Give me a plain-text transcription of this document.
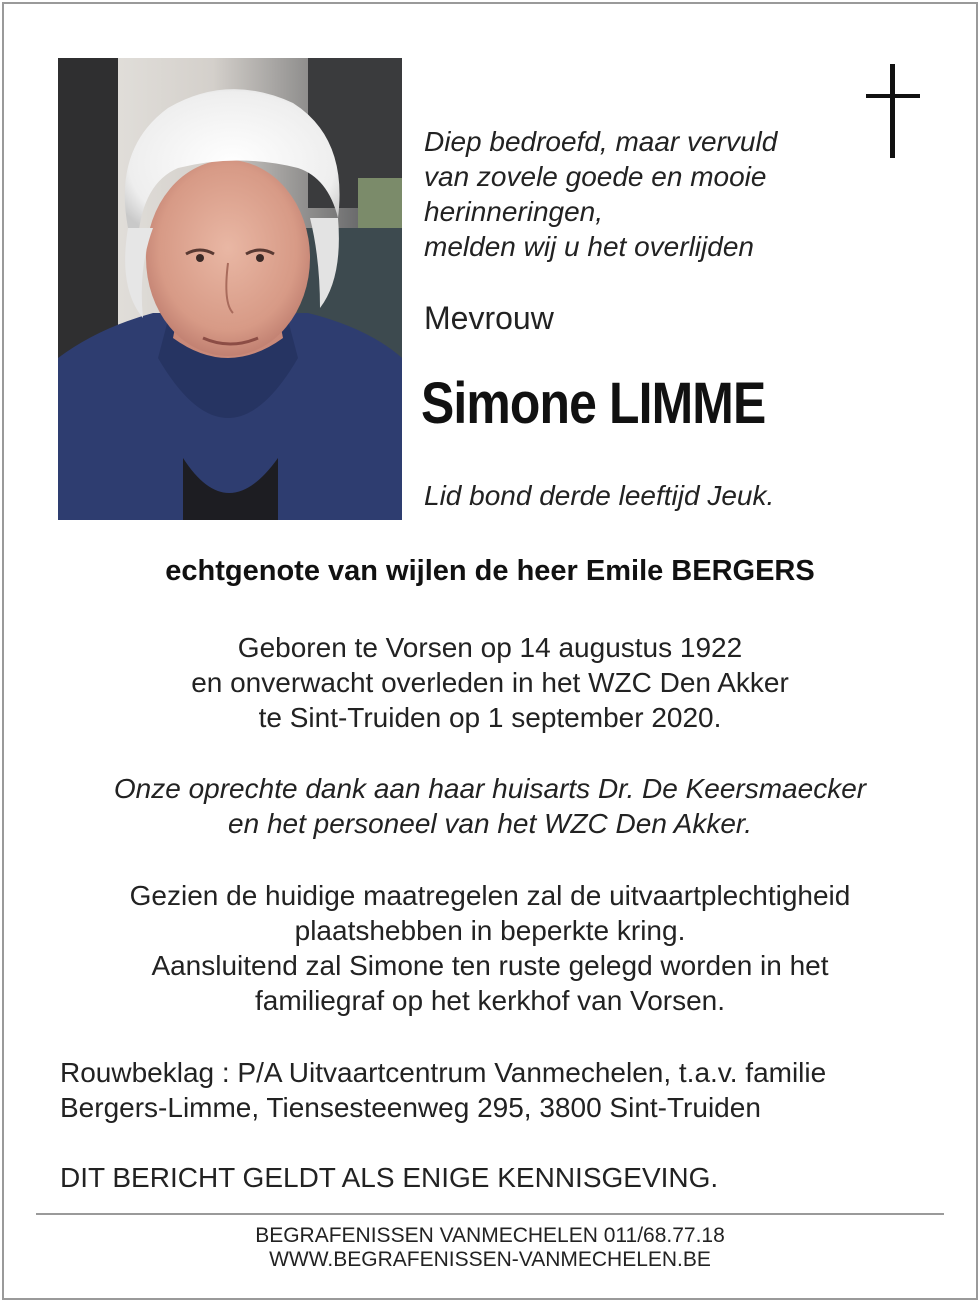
Diep bedroefd, maar vervuld
van zovele goede en mooie
herinneringen,
melden wij u het overlijden
Mevrouw
Simone LIMME
Lid bond derde leeftijd Jeuk.
echtgenote van wijlen de heer Emile BERGERS
Geboren te Vorsen op 14 augustus 1922
en onverwacht overleden in het WZC Den Akker
te Sint-Truiden op 1 september 2020.
Onze oprechte dank aan haar huisarts Dr. De Keersmaecker
en het personeel van het WZC Den Akker.
Gezien de huidige maatregelen zal de uitvaartplechtigheid
plaatshebben in beperkte kring.
Aansluitend zal Simone ten ruste gelegd worden in het
familiegraf op het kerkhof van Vorsen.
Rouwbeklag : P/A Uitvaartcentrum Vanmechelen, t.a.v. familie
Bergers-Limme, Tiensesteenweg 295, 3800 Sint-Truiden
DIT BERICHT GELDT ALS ENIGE KENNISGEVING.
BEGRAFENISSEN VANMECHELEN 011/68.77.18
WWW.BEGRAFENISSEN-VANMECHELEN.BE
